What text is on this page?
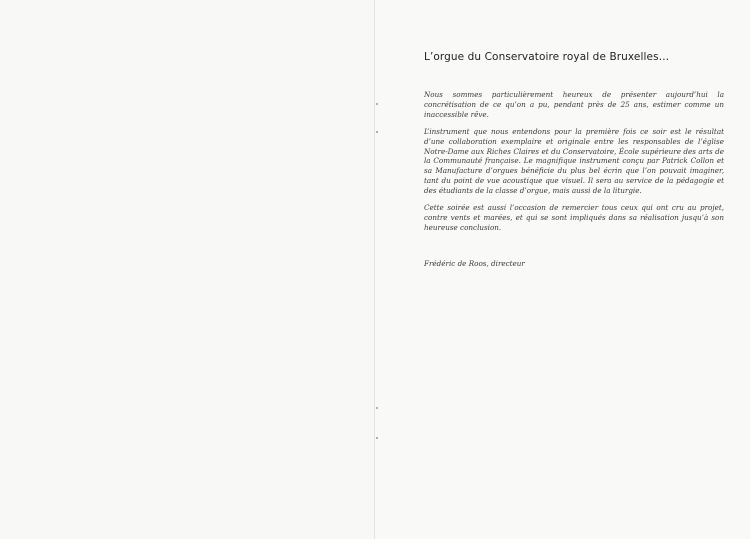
L’orgue du Conservatoire royal de Bruxelles…

Nous sommes particulièrement heureux de présenter aujourd’hui la concrétisation de ce qu’on a pu, pendant près de 25 ans, estimer comme un inaccessible rêve.

L’instrument que nous entendons pour la première fois ce soir est le résultat d’une collaboration exemplaire et originale entre les responsables de l’église Notre-Dame aux Riches Claires et du Conservatoire, École supérieure des arts de la Communauté française. Le magnifique instrument conçu par Patrick Collon et sa Manufacture d’orgues bénéficie du plus bel écrin que l’on pouvait imaginer, tant du point de vue acoustique que visuel. Il sera au service de la pédagogie et des étudiants de la classe d’orgue, mais aussi de la liturgie.

Cette soirée est aussi l’occasion de remercier tous ceux qui ont cru au projet, contre vents et marées, et qui se sont impliqués dans sa réalisation jusqu’à son heureuse conclusion.

Frédéric de Roos, directeur
